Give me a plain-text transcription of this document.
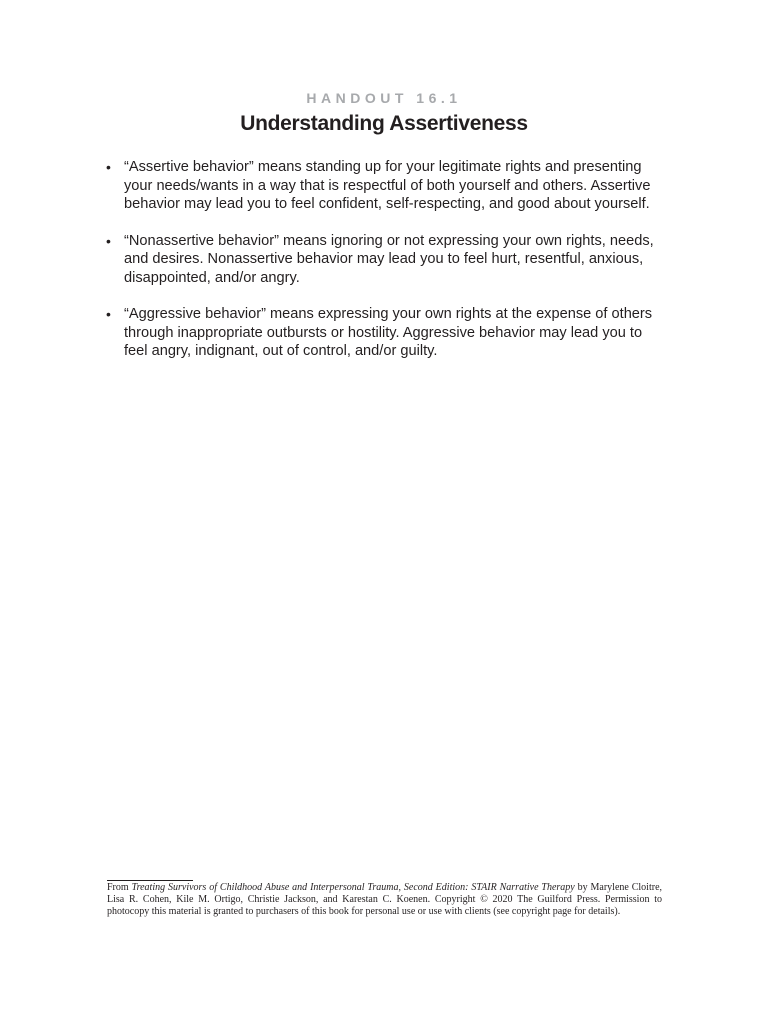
HANDOUT 16.1
Understanding Assertiveness
• “Assertive behavior” means standing up for your legitimate rights and presenting your needs/wants in a way that is respectful of both yourself and others. Assertive behavior may lead you to feel confident, self-respecting, and good about yourself.
• “Nonassertive behavior” means ignoring or not expressing your own rights, needs, and desires. Nonassertive behavior may lead you to feel hurt, resentful, anxious, disappointed, and/or angry.
• “Aggressive behavior” means expressing your own rights at the expense of others through inappropriate outbursts or hostility. Aggressive behavior may lead you to feel angry, indignant, out of control, and/or guilty.
From Treating Survivors of Childhood Abuse and Interpersonal Trauma, Second Edition: STAIR Narrative Therapy by Marylene Cloitre, Lisa R. Cohen, Kile M. Ortigo, Christie Jackson, and Karestan C. Koenen. Copyright © 2020 The Guilford Press. Permission to photocopy this material is granted to purchasers of this book for personal use or use with clients (see copyright page for details).
